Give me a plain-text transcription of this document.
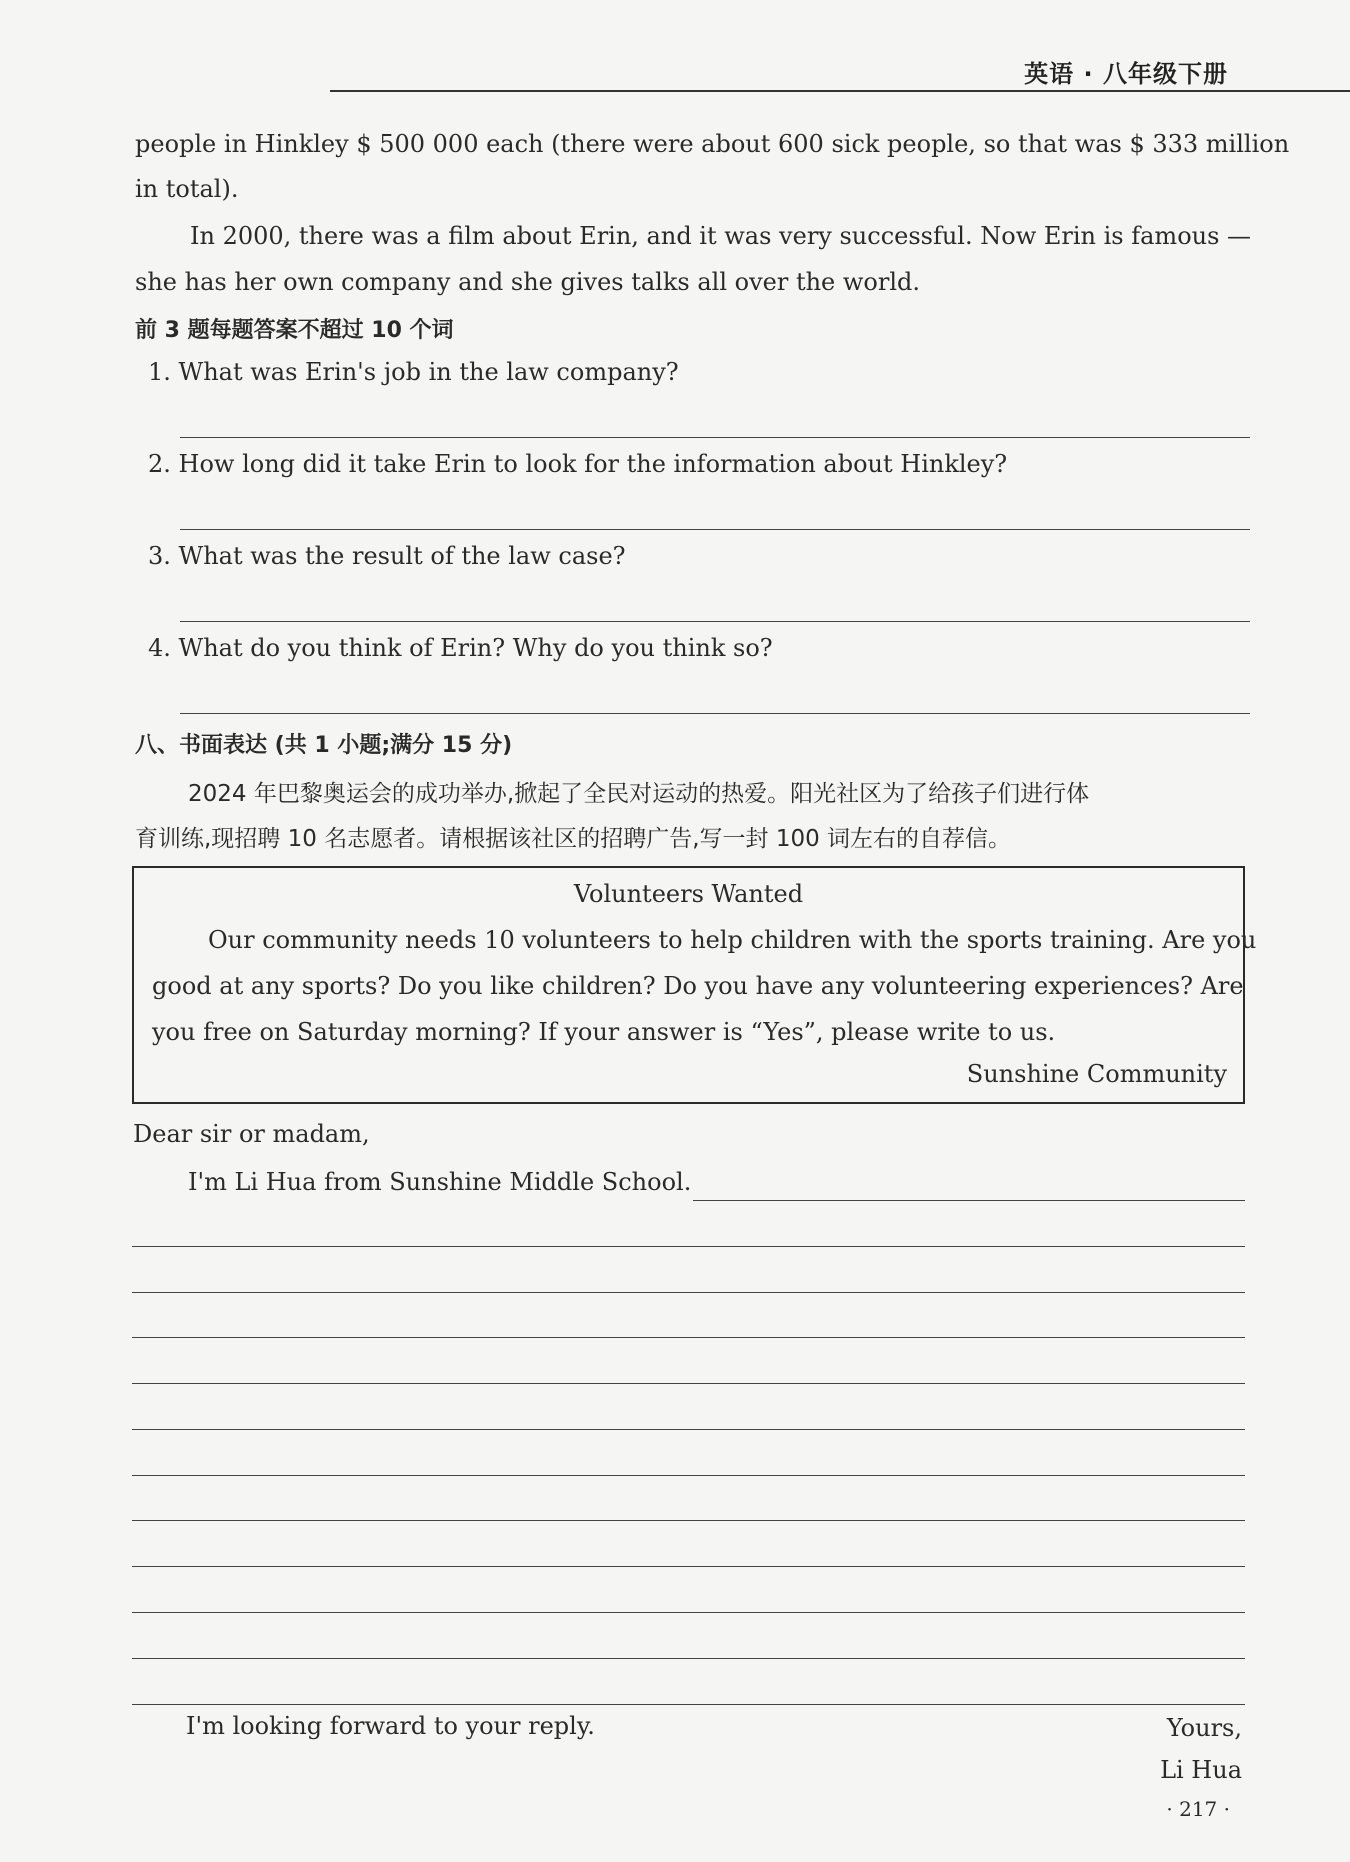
英语 · 八年级下册
people in Hinkley $ 500 000 each (there were about 600 sick people, so that was $ 333 million
in total).
In 2000, there was a film about Erin, and it was very successful. Now Erin is famous —
she has her own company and she gives talks all over the world.
前 3 题每题答案不超过 10 个词
1. What was Erin's job in the law company?
2. How long did it take Erin to look for the information about Hinkley?
3. What was the result of the law case?
4. What do you think of Erin? Why do you think so?
八、书面表达 (共 1 小题;满分 15 分)
2024 年巴黎奥运会的成功举办,掀起了全民对运动的热爱。阳光社区为了给孩子们进行体
育训练,现招聘 10 名志愿者。请根据该社区的招聘广告,写一封 100 词左右的自荐信。
Volunteers Wanted
Our community needs 10 volunteers to help children with the sports training. Are you
good at any sports? Do you like children? Do you have any volunteering experiences? Are
you free on Saturday morning? If your answer is “Yes”, please write to us.
Sunshine Community
Dear sir or madam,
I'm Li Hua from Sunshine Middle School.
I'm looking forward to your reply.	Yours,
Li Hua
· 217 ·
